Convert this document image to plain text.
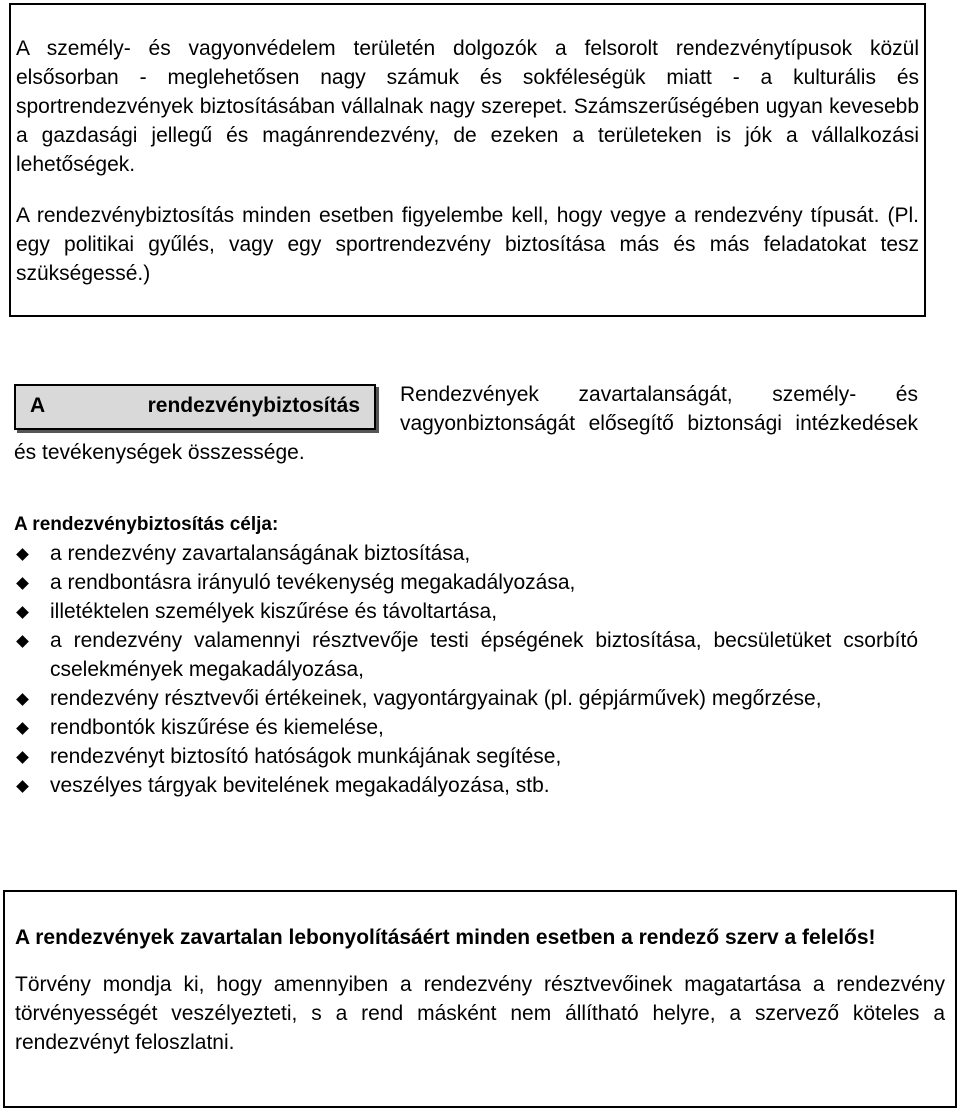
A személy- és vagyonvédelem területén dolgozók a felsorolt rendezvénytípusok közül elsősorban - meglehetősen nagy számuk és sokféleségük miatt - a kulturális és sportrendezvények biztosításában vállalnak nagy szerepet. Számszerűségében ugyan kevesebb a gazdasági jellegű és magánrendezvény, de ezeken a területeken is jók a vállalkozási lehetőségek.

A rendezvénybiztosítás minden esetben figyelembe kell, hogy vegye a rendezvény típusát. (Pl. egy politikai gyűlés, vagy egy sportrendezvény biztosítása más és más feladatokat tesz szükségessé.)

A	rendezvénybiztosítás	Rendezvények zavartalanságát, személy- és vagyonbiztonságát elősegítő biztonsági intézkedések és tevékenységek összessége.

A rendezvénybiztosítás célja:
a rendezvény zavartalanságának biztosítása,
a rendbontásra irányuló tevékenység megakadályozása,
illetéktelen személyek kiszűrése és távoltartása,
a rendezvény valamennyi résztvevője testi épségének biztosítása, becsületüket csorbító cselekmények megakadályozása,
rendezvény résztvevői értékeinek, vagyontárgyainak (pl. gépjárművek) megőrzése,
rendbontók kiszűrése és kiemelése,
rendezvényt biztosító hatóságok munkájának segítése,
veszélyes tárgyak bevitelének megakadályozása, stb.

A rendezvények zavartalan lebonyolításáért minden esetben a rendező szerv a felelős!

Törvény mondja ki, hogy amennyiben a rendezvény résztvevőinek magatartása a rendezvény törvényességét veszélyezteti, s a rend másként nem állítható helyre, a szervező köteles a rendezvényt feloszlatni.
